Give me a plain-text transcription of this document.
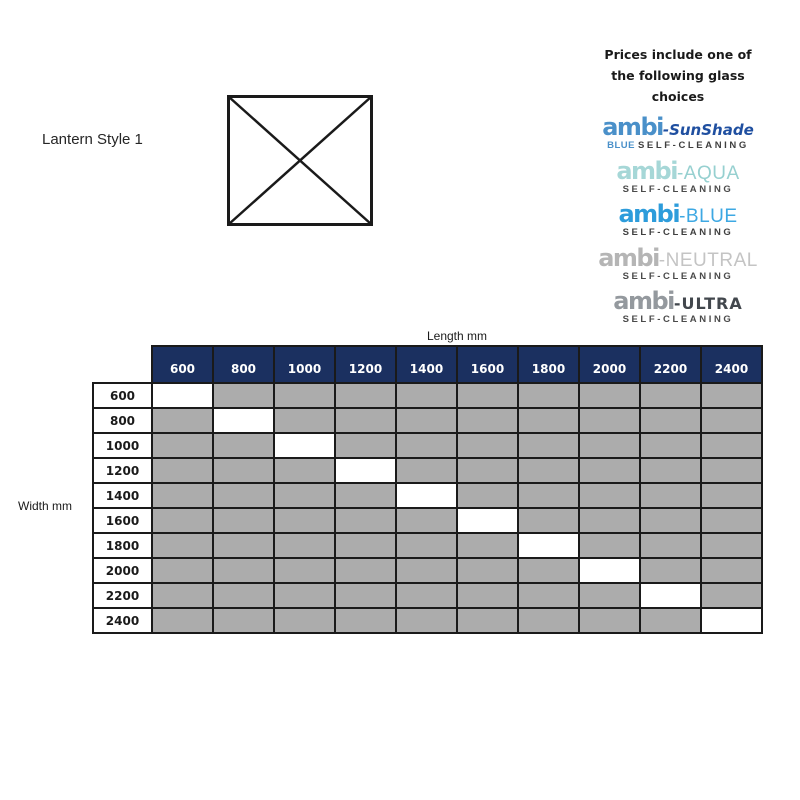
Lantern Style 1
Prices include one of
the following glass
choices
ambi -SunShade
BLUE SELF-CLEANING
ambi -AQUA
SELF-CLEANING
ambi -BLUE
SELF-CLEANING
ambi -NEUTRAL
SELF-CLEANING
ambi -ULTRA
SELF-CLEANING
Length mm
Width mm
	600	800	1000	1200	1400	1600	1800	2000	2200	2400
600										
800										
1000										
1200										
1400										
1600										
1800										
2000										
2200										
2400										
